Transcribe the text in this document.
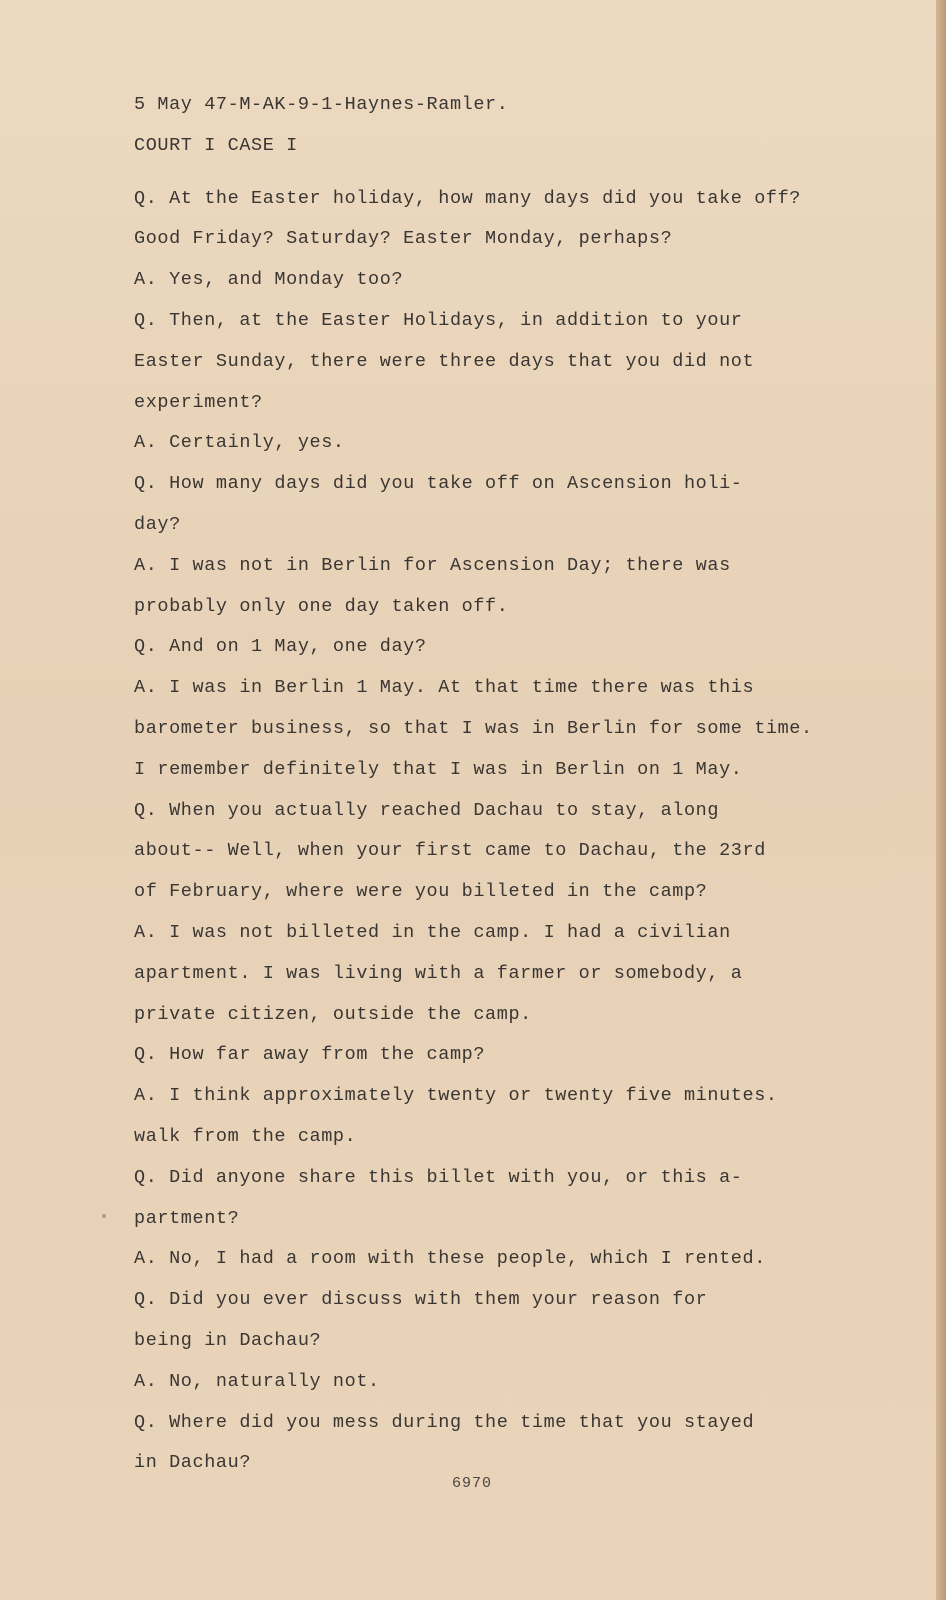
5 May 47-M-AK-9-1-Haynes-Ramler.
COURT I CASE I
Q. At the Easter holiday, how many days did you take off?
Good Friday? Saturday? Easter Monday, perhaps?
A. Yes, and Monday too?
Q. Then, at the Easter Holidays, in addition to your
Easter Sunday, there were three days that you did not
experiment?
A. Certainly, yes.
Q. How many days did you take off on Ascension holi-
day?
A. I was not in Berlin for Ascension Day; there was
probably only one day taken off.
Q. And on 1 May, one day?
A. I was in Berlin 1 May. At that time there was this
barometer business, so that I was in Berlin for some time.
I remember definitely that I was in Berlin on 1 May.
Q. When you actually reached Dachau to stay, along
about-- Well, when your first came to Dachau, the 23rd
of February, where were you billeted in the camp?
A. I was not billeted in the camp. I had a civilian
apartment. I was living with a farmer or somebody, a
private citizen, outside the camp.
Q. How far away from the camp?
A. I think approximately twenty or twenty five minutes.
walk from the camp.
Q. Did anyone share this billet with you, or this a-
partment?
A. No, I had a room with these people, which I rented.
Q. Did you ever discuss with them your reason for
being in Dachau?
A. No, naturally not.
Q. Where did you mess during the time that you stayed
in Dachau?
6970
